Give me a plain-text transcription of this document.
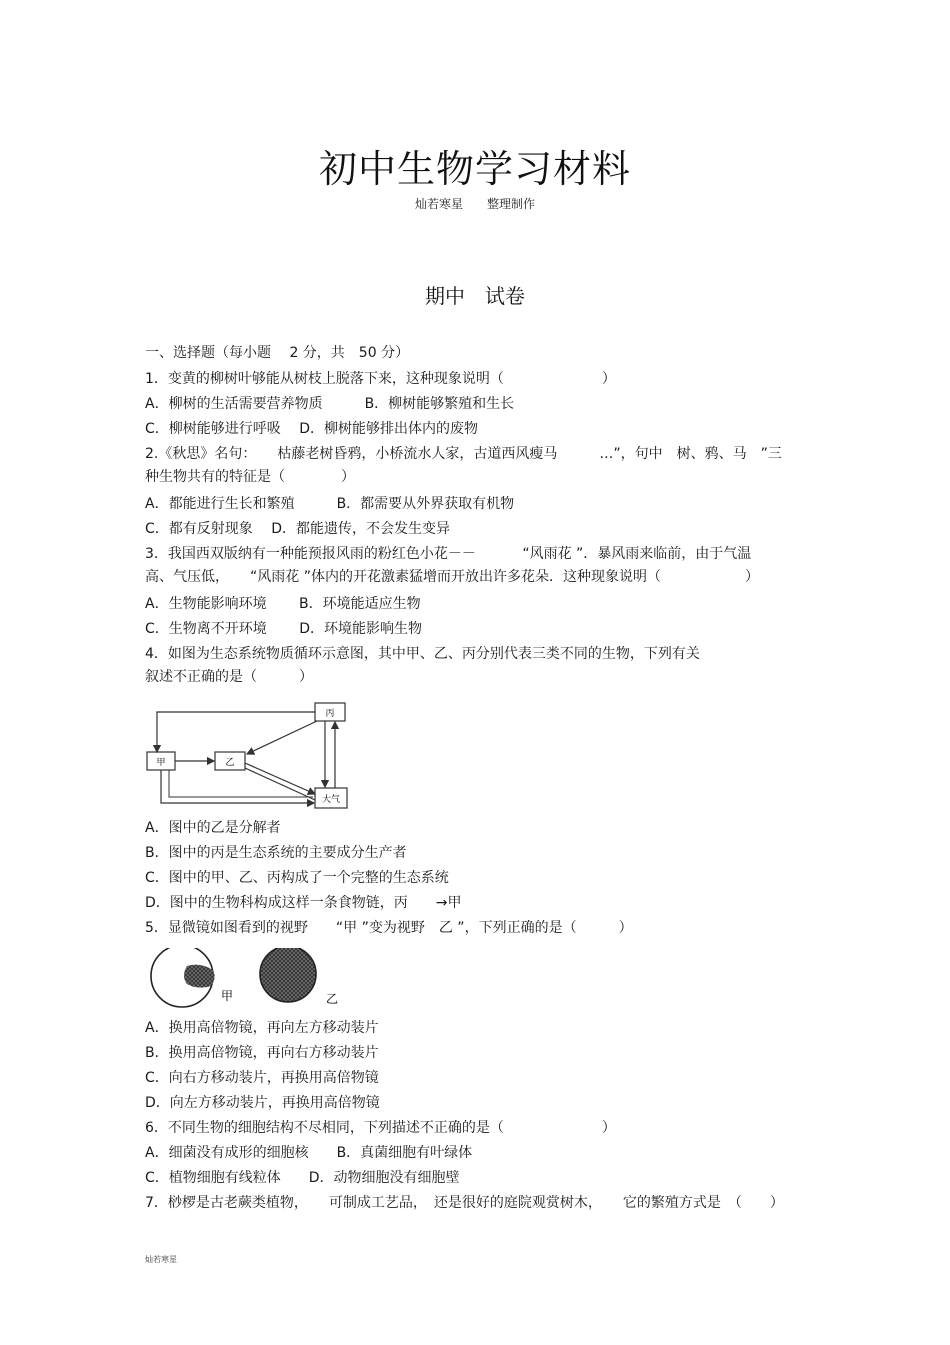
初中生物学习材料
灿若寒星　　整理制作
期中　试卷
一、选择题（每小题　 2 分，共　50 分）
1．变黄的柳树叶够能从树枝上脱落下来，这种现象说明（　　　　　　　）
A．柳树的生活需要营养物质　　　B．柳树能够繁殖和生长
C．柳树能够进行呼吸　 D．柳树能够排出体内的废物
2.《秋思》名句：　　枯藤老树昏鸦，小桥流水人家，古道西风瘦马　　　…”，句中　树、鸦、马　”三
种生物共有的特征是（　　　　）
A．都能进行生长和繁殖　　　B．都需要从外界获取有机物
C．都有反射现象　 D．都能遗传，不会发生变异
3．我国西双版纳有一种能预报风雨的粉红色小花－－　　　 “风雨花 ”．暴风雨来临前，由于气温
高、气压低，　　“风雨花 ”体内的开花激素猛增而开放出许多花朵．这种现象说明（　　　　　　）
A．生物能影响环境　　 B．环境能适应生物
C．生物离不开环境　　 D．环境能影响生物
4．如图为生态系统物质循环示意图，其中甲、乙、丙分别代表三类不同的生物，下列有关
叙述不正确的是（　　　）
丙
甲	乙
大气
A．图中的乙是分解者
B．图中的丙是生态系统的主要成分生产者
C．图中的甲、乙、丙构成了一个完整的生态系统
D．图中的生物科构成这样一条食物链，丙　　→甲
5．显微镜如图看到的视野　　“甲 ”变为视野　乙 ”，下列正确的是（　　　）
甲	乙
A．换用高倍物镜，再向左方移动装片
B．换用高倍物镜，再向右方移动装片
C．向右方移动装片，再换用高倍物镜
D．向左方移动装片，再换用高倍物镜
6．不同生物的细胞结构不尽相同，下列描述不正确的是（　　　　　　　）
A．细菌没有成形的细胞核　　B．真菌细胞有叶绿体
C．植物细胞有线粒体　　D．动物细胞没有细胞壁
7．桫椤是古老蕨类植物，　　可制成工艺品，　还是很好的庭院观赏树木，　　它的繁殖方式是　（　　）
灿若寒星
